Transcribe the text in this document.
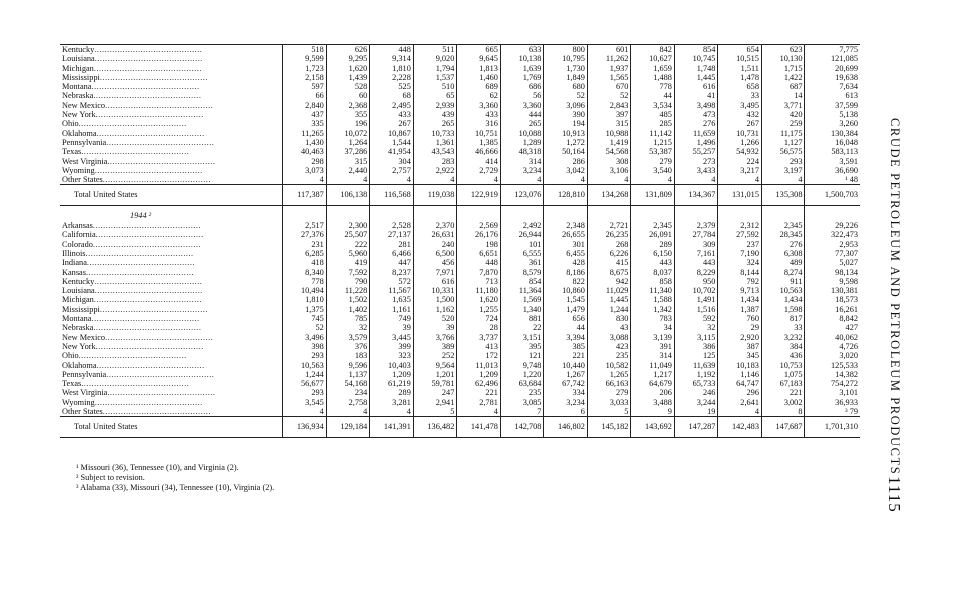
Kentucky..........................................	518	626	448	511	665	633	800	601	842	854	654	623	7,775
Louisiana..........................................	9,599	9,295	9,314	9,020	9,645	10,138	10,795	11,262	10,627	10,745	10,515	10,130	121,085
Michigan..........................................	1,723	1,620	1,810	1,794	1,813	1,639	1,730	1,937	1,659	1,748	1,511	1,715	20,699
Mississippi..........................................	2,158	1,439	2,228	1,537	1,460	1,769	1,849	1,565	1,488	1,445	1,478	1,422	19,638
Montana..........................................	597	528	525	510	689	686	680	670	778	616	658	687	7,634
Nebraska..........................................	66	60	68	65	62	56	52	52	44	41	33	14	613
New Mexico..........................................	2,840	2,368	2,495	2,939	3,360	3,360	3,096	2,843	3,534	3,498	3,495	3,771	37,599
New York..........................................	437	355	433	439	433	444	390	397	485	473	432	420	5,138
Ohio..........................................	335	196	267	265	316	265	194	315	285	276	267	259	3,260
Oklahoma..........................................	11,265	10,072	10,867	10,733	10,751	10,088	10,913	10,988	11,142	11,659	10,731	11,175	130,384
Pennsylvania..........................................	1,430	1,264	1,544	1,361	1,385	1,289	1,272	1,419	1,215	1,496	1,266	1,127	16,048
Texas..........................................	40,463	37,286	41,954	43,543	46,666	48,318	50,164	54,568	53,387	55,257	54,932	56,575	583,113
West Virginia..........................................	298	315	304	283	414	314	286	308	279	273	224	293	3,591
Wyoming..........................................	3,073	2,440	2,757	2,922	2,729	3,234	3,042	3,106	3,540	3,433	3,217	3,197	36,690
Other States..........................................	4	4	4	4	4	4	4	4	4	4	4	4	¹ 48
Total United States	117,387	106,138	116,568	119,038	122,919	123,076	128,810	134,268	131,809	134,367	131,015	135,308	1,500,703
1944 ²													
Arkansas..........................................	2,517	2,300	2,528	2,370	2,569	2,492	2,348	2,721	2,345	2,379	2,312	2,345	29,226
California..........................................	27,376	25,507	27,137	26,631	26,176	26,944	26,655	26,235	26,091	27,784	27,592	28,345	322,473
Colorado..........................................	231	222	281	240	198	101	301	268	289	309	237	276	2,953
Illinois..........................................	6,285	5,960	6,466	6,500	6,651	6,555	6,455	6,226	6,150	7,161	7,190	6,308	77,307
Indiana..........................................	418	419	447	456	448	361	428	415	443	443	324	489	5,027
Kansas..........................................	8,340	7,592	8,237	7,971	7,870	8,579	8,186	8,675	8,037	8,229	8,144	8,274	98,134
Kentucky..........................................	778	790	572	616	713	854	822	942	858	950	792	911	9,598
Louisiana..........................................	10,494	11,228	11,567	10,331	11,180	11,364	10,860	11,029	11,340	10,702	9,713	10,563	130,381
Michigan..........................................	1,810	1,502	1,635	1,500	1,620	1,569	1,545	1,445	1,588	1,491	1,434	1,434	18,573
Mississippi..........................................	1,375	1,402	1,161	1,162	1,255	1,340	1,479	1,244	1,342	1,516	1,387	1,598	16,261
Montana..........................................	745	785	749	520	724	881	656	830	783	592	760	817	8,842
Nebraska..........................................	52	32	39	39	28	22	44	43	34	32	29	33	427
New Mexico..........................................	3,496	3,579	3,445	3,766	3,737	3,151	3,394	3,088	3,139	3,115	2,920	3,232	40,062
New York..........................................	398	376	399	389	413	395	385	423	391	386	387	384	4,726
Ohio..........................................	293	183	323	252	172	121	221	235	314	125	345	436	3,020
Oklahoma..........................................	10,563	9,596	10,403	9,564	11,013	9,748	10,440	10,582	11,049	11,639	10,183	10,753	125,533
Pennsylvania..........................................	1,244	1,137	1,209	1,201	1,209	1,220	1,267	1,265	1,217	1,192	1,146	1,075	14,382
Texas..........................................	56,677	54,168	61,219	59,781	62,496	63,684	67,742	66,163	64,679	65,733	64,747	67,183	754,272
West Virginia..........................................	293	234	289	247	221	235	334	279	206	246	296	221	3,101
Wyoming..........................................	3,545	2,758	3,281	2,941	2,781	3,085	3,234	3,033	3,488	3,244	2,641	3,002	36,933
Other States..........................................	4	4	4	5	4	7	6	5	9	19	4	8	³ 79
Total United States	136,934	129,184	141,391	136,482	141,478	142,708	146,802	145,182	143,692	147,287	142,483	147,687	1,701,310
¹ Missouri (36), Tennessee (10), and Virginia (2).
² Subject to revision.
³ Alabama (33), Missouri (34), Tennessee (10), Virginia (2).
CRUDE PETROLEUM AND PETROLEUM PRODUCTS
1115
